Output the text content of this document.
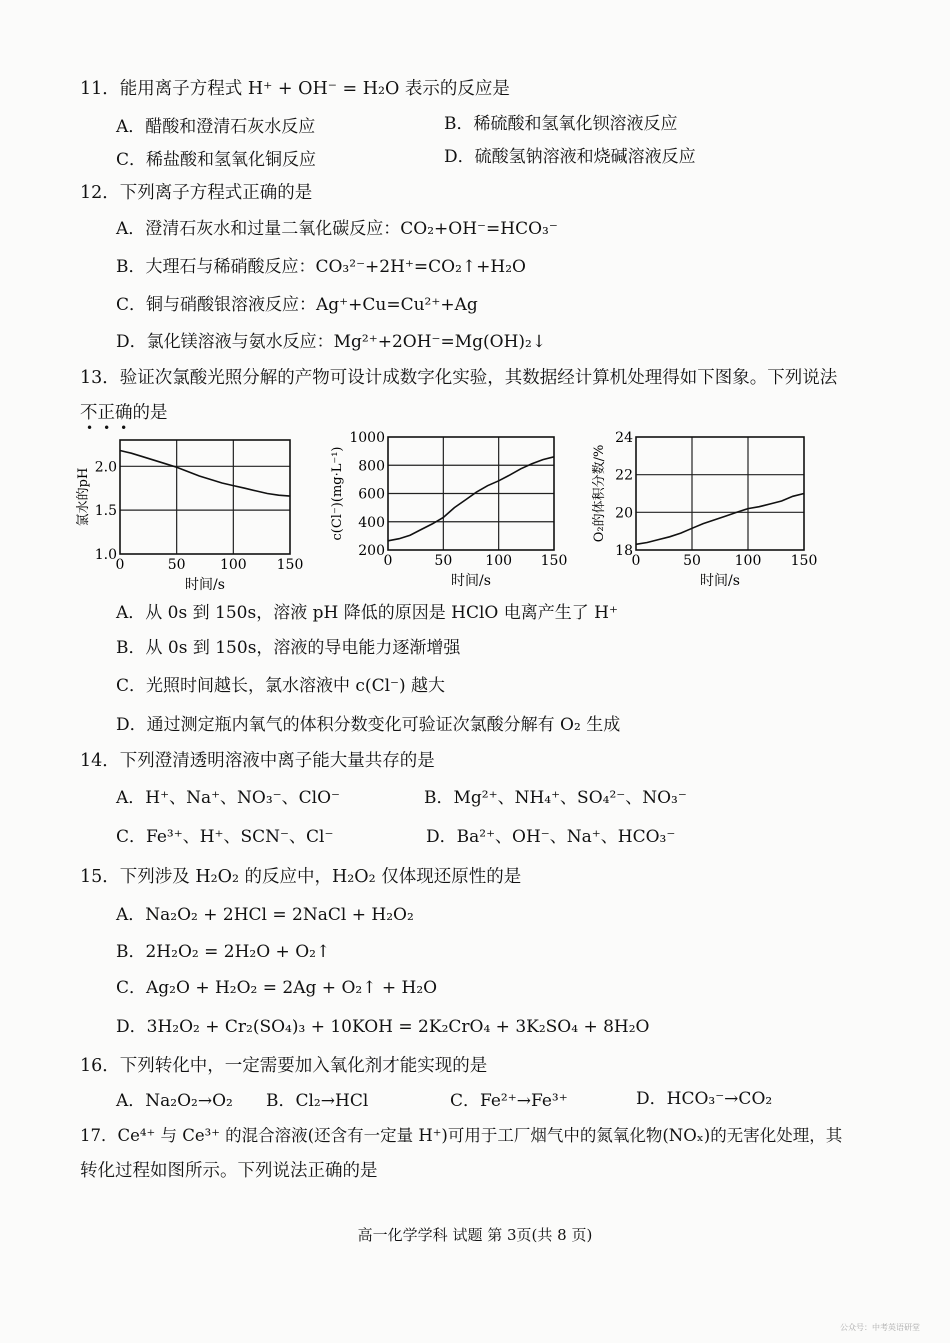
11．能用离子方程式 H⁺ + OH⁻ = H₂O 表示的反应是
A．醋酸和澄清石灰水反应	B．稀硫酸和氢氧化钡溶液反应
C．稀盐酸和氢氧化铜反应	D．硫酸氢钠溶液和烧碱溶液反应
12．下列离子方程式正确的是
A．澄清石灰水和过量二氧化碳反应：CO₂+OH⁻=HCO₃⁻
B．大理石与稀硝酸反应：CO₃²⁻+2H⁺=CO₂↑+H₂O
C．铜与硝酸银溶液反应：Ag⁺+Cu=Cu²⁺+Ag
D．氯化镁溶液与氨水反应：Mg²⁺+2OH⁻=Mg(OH)₂↓
13．验证次氯酸光照分解的产物可设计成数字化实验，其数据经计算机处理得如下图象。下列说法
不正确的是
•••
0	50 100 150
1.0
1.5
2.0
时间/s
氯水的pH
0	50 100 150
200
400
600
800
1000
时间/s
c(Cl⁻)(mg·L⁻¹)
0	50 100 150
18
20
22
24
时间/s
O₂的体积分数/%
A．从 0s 到 150s，溶液 pH 降低的原因是 HClO 电离产生了 H⁺
B．从 0s 到 150s，溶液的导电能力逐渐增强
C．光照时间越长，氯水溶液中 c(Cl⁻) 越大
D．通过测定瓶内氧气的体积分数变化可验证次氯酸分解有 O₂ 生成
14．下列澄清透明溶液中离子能大量共存的是
A．H⁺、Na⁺、NO₃⁻、ClO⁻	B．Mg²⁺、NH₄⁺、SO₄²⁻、NO₃⁻
C．Fe³⁺、H⁺、SCN⁻、Cl⁻	D．Ba²⁺、OH⁻、Na⁺、HCO₃⁻
15．下列涉及 H₂O₂ 的反应中，H₂O₂ 仅体现还原性的是
A．Na₂O₂ + 2HCl = 2NaCl + H₂O₂
B．2H₂O₂ = 2H₂O + O₂↑
C．Ag₂O + H₂O₂ = 2Ag + O₂↑ + H₂O
D．3H₂O₂ + Cr₂(SO₄)₃ + 10KOH = 2K₂CrO₄ + 3K₂SO₄ + 8H₂O
16．下列转化中，一定需要加入氧化剂才能实现的是
A．Na₂O₂→O₂ B．Cl₂→HCl	C．Fe²⁺→Fe³⁺	D．HCO₃⁻→CO₂
17．Ce⁴⁺ 与 Ce³⁺ 的混合溶液(还含有一定量 H⁺)可用于工厂烟气中的氮氧化物(NOₓ)的无害化处理，其
转化过程如图所示。下列说法正确的是
高一化学学科 试题 第 3页(共 8 页)
公众号：中考英语研堂
